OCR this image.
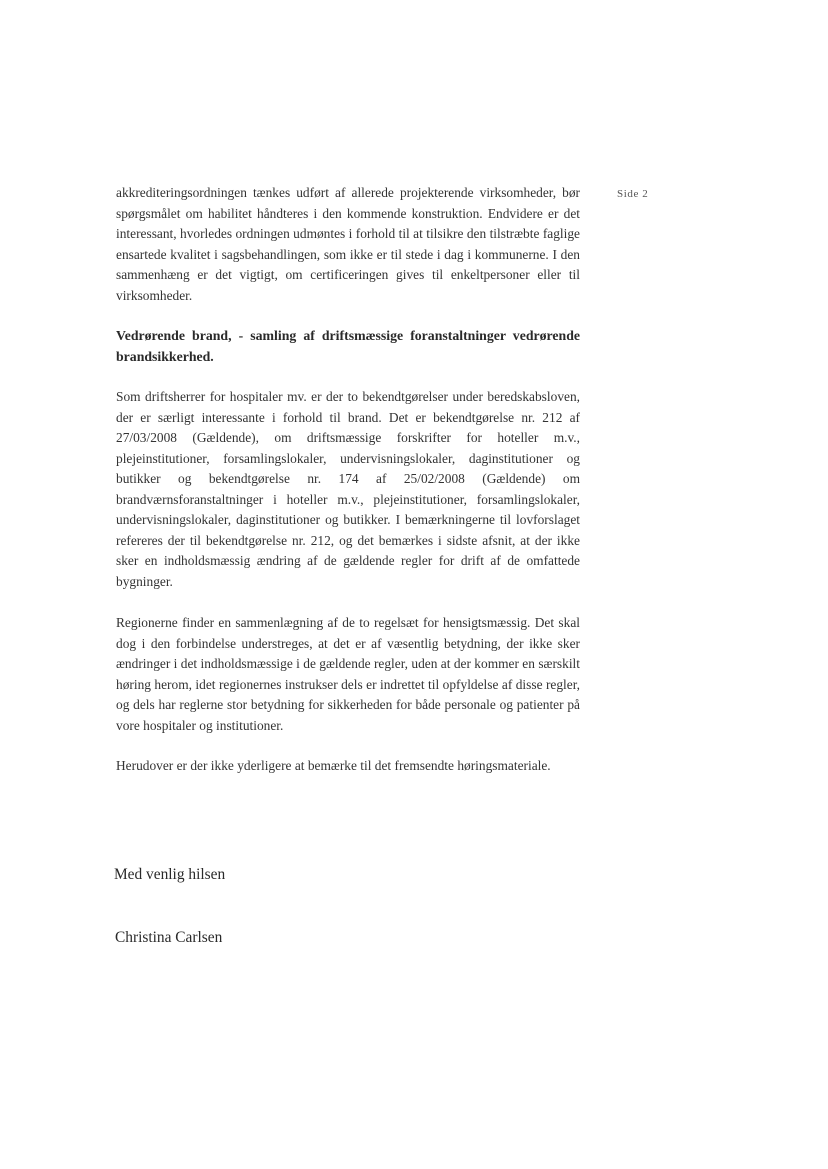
Side 2

akkrediteringsordningen tænkes udført af allerede projekterende virksomheder, bør spørgsmålet om habilitet håndteres i den kommende konstruktion. Endvidere er det interessant, hvorledes ordningen udmøntes i forhold til at tilsikre den tilstræbte faglige ensartede kvalitet i sagsbehandlingen, som ikke er til stede i dag i kommunerne. I den sammenhæng er det vigtigt, om certificeringen gives til enkeltpersoner eller til virksomheder.

Vedrørende brand, - samling af driftsmæssige foranstaltninger vedrørende brandsikkerhed.

Som driftsherrer for hospitaler mv. er der to bekendtgørelser under beredskabsloven, der er særligt interessante i forhold til brand. Det er bekendtgørelse nr. 212 af 27/03/2008 (Gældende), om driftsmæssige forskrifter for hoteller m.v., plejeinstitutioner, forsamlingslokaler, undervisningslokaler, daginstitutioner og butikker og bekendtgørelse nr. 174 af 25/02/2008 (Gældende) om brandværnsforanstaltninger i hoteller m.v., plejeinstitutioner, forsamlingslokaler, undervisningslokaler, daginstitutioner og butikker. I bemærkningerne til lovforslaget refereres der til bekendtgørelse nr. 212, og det bemærkes i sidste afsnit, at der ikke sker en indholdsmæssig ændring af de gældende regler for drift af de omfattede bygninger.

Regionerne finder en sammenlægning af de to regelsæt for hensigtsmæssig. Det skal dog i den forbindelse understreges, at det er af væsentlig betydning, der ikke sker ændringer i det indholdsmæssige i de gældende regler, uden at der kommer en særskilt høring herom, idet regionernes instrukser dels er indrettet til opfyldelse af disse regler, og dels har reglerne stor betydning for sikkerheden for både personale og patienter på vore hospitaler og institutioner.

Herudover er der ikke yderligere at bemærke til det fremsendte høringsmateriale.

Med venlig hilsen
Christina Carlsen
